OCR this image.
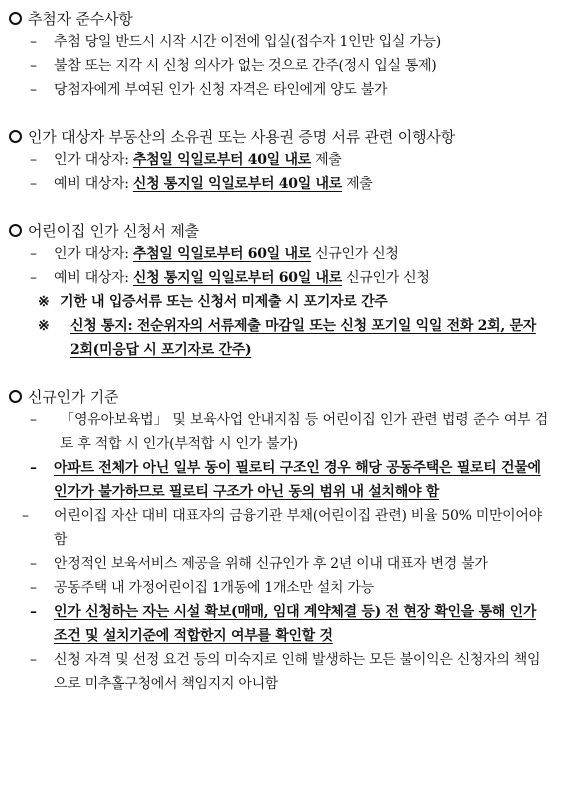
추첨자 준수사항
– 추첨 당일 반드시 시작 시간 이전에 입실(접수자 1인만 입실 가능)
– 불참 또는 지각 시 신청 의사가 없는 것으로 간주(정시 입실 통제)
– 당첨자에게 부여된 인가 신청 자격은 타인에게 양도 불가
인가 대상자 부동산의 소유권 또는 사용권 증명 서류 관련 이행사항
– 인가 대상자: 추첨일 익일로부터 40일 내로 제출
– 예비 대상자: 신청 통지일 익일로부터 40일 내로 제출
어린이집 인가 신청서 제출
– 인가 대상자: 추첨일 익일로부터 60일 내로 신규인가 신청
– 예비 대상자: 신청 통지일 익일로부터 60일 내로 신규인가 신청
※ 기한 내 입증서류 또는 신청서 미제출 시 포기자로 간주
※ 신청 통지: 전순위자의 서류제출 마감일 또는 신청 포기일 익일 전화 2회, 문자 2회(미응답 시 포기자로 간주)
신규인가 기준
– 「영유아보육법」 및 보육사업 안내지침 등 어린이집 인가 관련 법령 준수 여부 검토 후 적합 시 인가(부적합 시 인가 불가)
– 아파트 전체가 아닌 일부 동이 필로티 구조인 경우 해당 공동주택은 필로티 건물에인가가 불가하므로 필로티 구조가 아닌 동의 범위 내 설치해야 함
– 어린이집 자산 대비 대표자의 금융기관 부채(어린이집 관련) 비율 50% 미만이어야 함
– 안정적인 보육서비스 제공을 위해 신규인가 후 2년 이내 대표자 변경 불가
– 공동주택 내 가정어린이집 1개동에 1개소만 설치 가능
– 인가 신청하는 자는 시설 확보(매매, 임대 계약체결 등) 전 현장 확인을 통해 인가 조건 및 설치기준에 적합한지 여부를 확인할 것
– 신청 자격 및 선정 요건 등의 미숙지로 인해 발생하는 모든 불이익은 신청자의 책임으로 미추홀구청에서 책임지지 아니함
